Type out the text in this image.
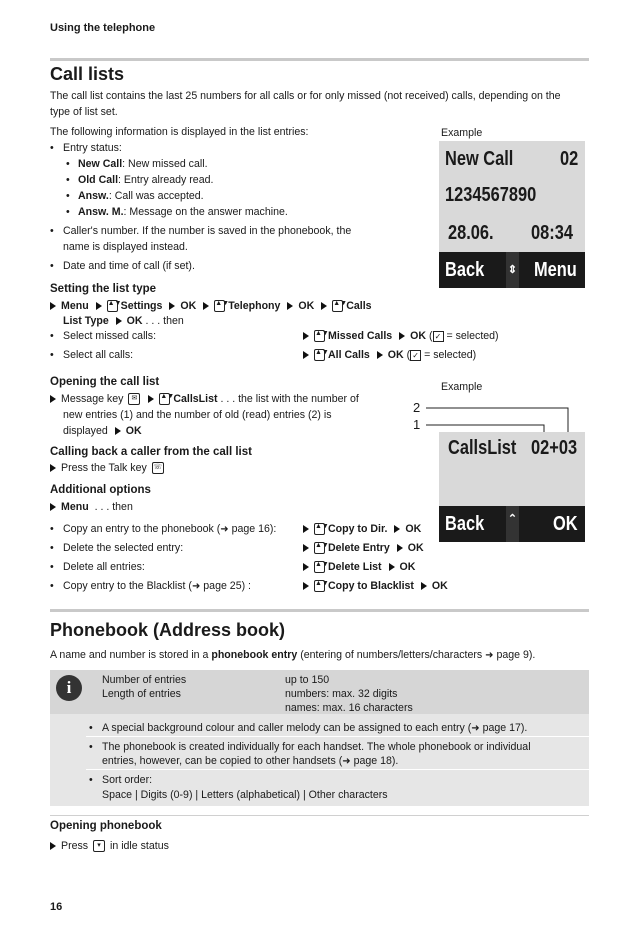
Using the telephone
Call lists

The call list contains the last 25 numbers for all calls or for only missed (not received) calls, depending on the

type of list set.

The following information is displayed in the list entries:	Example
• Entry status:
• New Call: New missed call.
• Old Call: Entry already read.
• Answ.: Call was accepted.
• Answ. M.: Message on the answer machine.
• Caller's number. If the number is saved in the phonebook, the
name is displayed instead.
• Date and time of call (if set).
New Call 02
1234567890
28.06. 08:34
Back ⇕ Menu
Setting the list type
Menu	▲▼Settings OK	▲▼Telephony OK	▲▼Calls
List Type OK . . . then
• Select missed calls:	▲▼Missed Calls OK ( ✓ = selected)
• Select all calls:	▲▼All Calls OK ( ✓ = selected)
Opening the call list	Example
Message key ✉	▲▼CallsList . . . the list with the number of
new entries (1) and the number of old (read) entries (2) is
displayed OK
2
1
CallsList 02+03
Back ⌃ OK
Calling back a caller from the call list
Press the Talk key ☏
Additional options
Menu . . . then
• Copy an entry to the phonebook (➜ page 16):	▲▼Copy to Dir. OK
• Delete the selected entry:	▲▼Delete Entry OK
• Delete all entries:	▲▼Delete List OK
• Copy entry to the Blacklist (➜ page 25) :	▲▼Copy to Blacklist OK
Phonebook (Address book)
A name and number is stored in a phonebook entry (entering of numbers/letters/characters ➜ page 9).
i	Number of entries	up to 150
Length of entries	numbers: max. 32 digits
names: max. 16 characters
• A special background colour and caller melody can be assigned to each entry (➜ page 17).
• The phonebook is created individually for each handset. The whole phonebook or individual
entries, however, can be copied to other handsets (➜ page 18).
• Sort order:
Space | Digits (0-9) | Letters (alphabetical) | Other characters
Opening phonebook
Press ▾ in idle status
16
